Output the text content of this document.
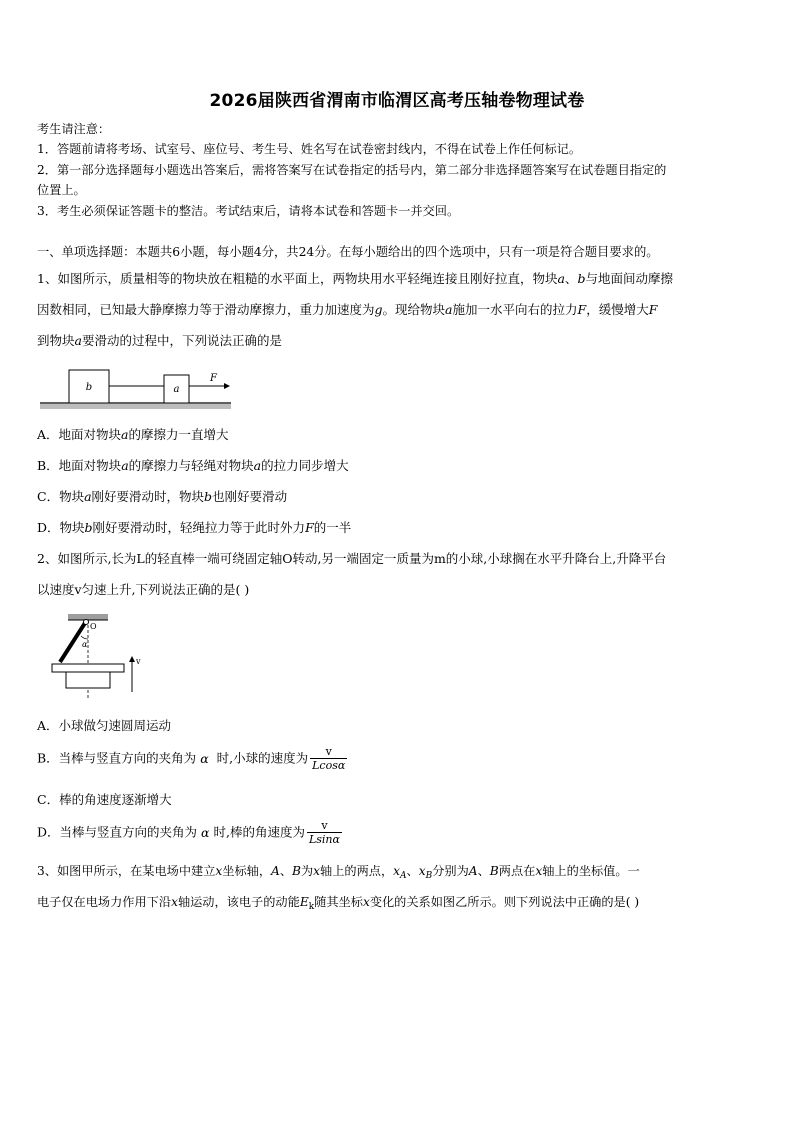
2026届陕西省渭南市临渭区高考压轴卷物理试卷
考生请注意：
1．答题前请将考场、试室号、座位号、考生号、姓名写在试卷密封线内，不得在试卷上作任何标记。
2．第一部分选择题每小题选出答案后，需将答案写在试卷指定的括号内，第二部分非选择题答案写在试卷题目指定的
位置上。
3．考生必须保证答题卡的整洁。考试结束后，请将本试卷和答题卡一并交回。
一、单项选择题：本题共6小题，每小题4分，共24分。在每小题给出的四个选项中，只有一项是符合题目要求的。
1、如图所示，质量相等的物块放在粗糙的水平面上，两物块用水平轻绳连接且刚好拉直，物块a、b与地面间动摩擦
因数相同，已知最大静摩擦力等于滑动摩擦力，重力加速度为g。现给物块a施加一水平向右的拉力F，缓慢增大F
到物块a要滑动的过程中，下列说法正确的是
b	a
F
A．地面对物块a的摩擦力一直增大
B．地面对物块a的摩擦力与轻绳对物块a的拉力同步增大
C．物块a刚好要滑动时，物块b也刚好要滑动
D．物块b刚好要滑动时，轻绳拉力等于此时外力F的一半
2、如图所示,长为L的轻直棒一端可绕固定轴O转动,另一端固定一质量为m的小球,小球搁在水平升降台上,升降平台
以速度v匀速上升,下列说法正确的是( )
O
α
v
A．小球做匀速圆周运动
B．当棒与竖直方向的夹角为 α 时,小球的速度为 $\frac{v}{Lcos\alpha}$
C．棒的角速度逐渐增大
D．当棒与竖直方向的夹角为 α 时,棒的角速度为 $\frac{v}{Lsin\alpha}$
3、如图甲所示，在某电场中建立x坐标轴，A、B为x轴上的两点，$x_A$、$x_B$分别为A、B两点在x轴上的坐标值。一
电子仅在电场力作用下沿x轴运动，该电子的动能$E_k$随其坐标x变化的关系如图乙所示。则下列说法中正确的是( )
